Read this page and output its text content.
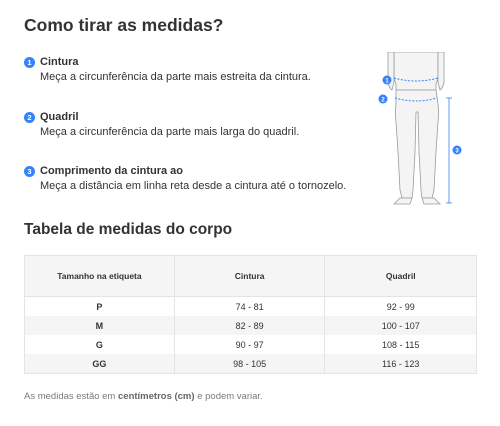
Como tirar as medidas?
1 Cintura
Meça a circunferência da parte mais estreita da cintura.
2 Quadril
Meça a circunferência da parte mais larga do quadril.
3 Comprimento da cintura ao
Meça a distância em linha reta desde a cintura até o tornozelo.
1
2
3
Tabela de medidas do corpo
Tamanho na etiqueta	Cintura	Quadril
P	74 - 81	92 - 99
M	82 - 89	100 - 107
G	90 - 97	108 - 115
GG	98 - 105	116 - 123
As medidas estão em centímetros (cm) e podem variar.
